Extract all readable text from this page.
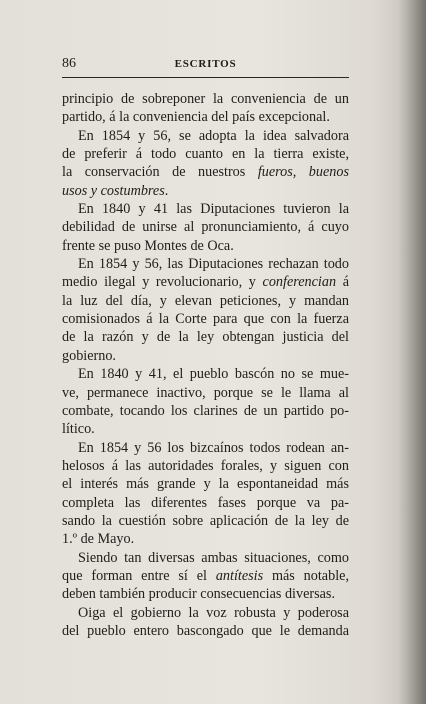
86	ESCRITOS
principio de sobreponer la conveniencia de un
partido, á la conveniencia del país excepcional.
En 1854 y 56, se adopta la idea salvadora
de preferir á todo cuanto en la tierra existe,
la conservación de nuestros fueros, buenos
usos y costumbres.
En 1840 y 41 las Diputaciones tuvieron la
debilidad de unirse al pronunciamiento, á cuyo
frente se puso Montes de Oca.
En 1854 y 56, las Diputaciones rechazan todo
medio ilegal y revolucionario, y conferencian á
la luz del día, y elevan peticiones, y mandan
comisionados á la Corte para que con la fuerza
de la razón y de la ley obtengan justicia del
gobierno.
En 1840 y 41, el pueblo bascón no se mue-
ve, permanece inactivo, porque se le llama al
combate, tocando los clarines de un partido po-
lítico.
En 1854 y 56 los bizcaínos todos rodean an-
helosos á las autoridades forales, y siguen con
el interés más grande y la espontaneidad más
completa las diferentes fases porque va pa-
sando la cuestión sobre aplicación de la ley de
1.º de Mayo.
Siendo tan diversas ambas situaciones, como
que forman entre sí el antítesis más notable,
deben también producir consecuencias diversas.
Oiga el gobierno la voz robusta y poderosa
del pueblo entero bascongado que le demanda
